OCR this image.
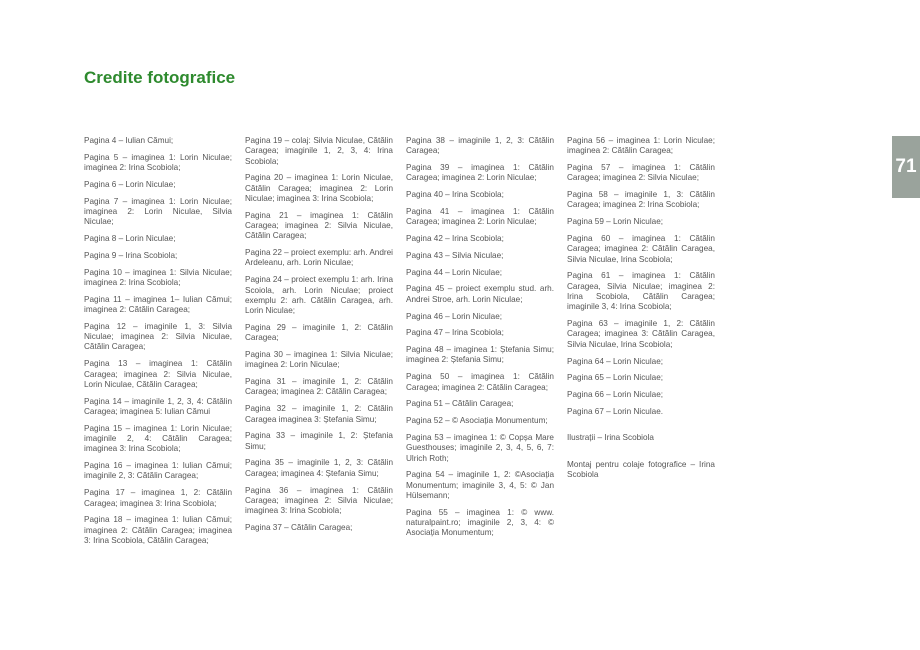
Credite fotografice

Pagina 4 – Iulian Cămui;

Pagina 5 – imaginea 1: Lorin Niculae; imaginea 2: Irina Scobiola;

Pagina 6 – Lorin Niculae;

Pagina 7 – imaginea 1: Lorin Niculae; imaginea 2: Lorin Niculae, Silvia Niculae;

Pagina 8 – Lorin Niculae;

Pagina 9 – Irina Scobiola;

Pagina 10 – imaginea 1: Silvia Niculae; imaginea 2: Irina Scobiola;

Pagina 11 – imaginea 1– Iulian Cămui; imaginea 2: Cătălin Caragea;

Pagina 12 – imaginile 1, 3: Silvia Niculae; imaginea 2: Silvia Niculae, Cătălin Caragea;

Pagina 13 – imaginea 1: Cătălin Caragea; imaginea 2: Silvia Niculae, Lorin Niculae, Cătălin Caragea;

Pagina 14 – imaginile 1, 2, 3, 4: Cătălin Caragea; imaginea 5: Iulian Cămui

Pagina 15 – imaginea 1: Lorin Niculae; imaginile 2, 4: Cătălin Caragea; imaginea 3: Irina Scobiola;

Pagina 16 – imaginea 1: Iulian Cămui; imaginile 2, 3: Cătălin Caragea;

Pagina 17 – imaginea 1, 2: Cătălin Caragea; imaginea 3: Irina Scobiola;

Pagina 18 – imaginea 1: Iulian Cămui; imaginea 2: Cătălin Caragea; imaginea 3: Irina Scobiola, Cătălin Caragea;

Pagina 19 – colaj: Silvia Niculae, Cătălin Caragea; imaginile 1, 2, 3, 4: Irina Scobiola;

Pagina 20 – imaginea 1: Lorin Niculae, Cătălin Caragea; imaginea 2: Lorin Niculae; imaginea 3: Irina Scobiola;

Pagina 21 – imaginea 1: Cătălin Caragea; imaginea 2: Silvia Niculae, Cătălin Caragea;

Pagina 22 – proiect exemplu: arh. Andrei Ardeleanu, arh. Lorin Niculae;

Pagina 24 – proiect exemplu 1: arh. Irina Scoiola, arh. Lorin Niculae; proiect exemplu 2: arh. Cătălin Caragea, arh. Lorin Niculae;

Pagina 29 – imaginile 1, 2: Cătălin Caragea;

Pagina 30 – imaginea 1: Silvia Niculae; imaginea 2: Lorin Niculae;

Pagina 31 – imaginile 1, 2: Cătălin Caragea; imaginea 2: Cătălin Caragea;

Pagina 32 – imaginile 1, 2: Cătălin Caragea imaginea 3: Ștefania Simu;

Pagina 33 – imaginile 1, 2: Ștefania Simu;

Pagina 35 – imaginile 1, 2, 3: Cătălin Caragea; imaginea 4: Ștefania Simu;

Pagina 36 – imaginea 1: Cătălin Caragea; imaginea 2: Silvia Niculae; imaginea 3: Irina Scobiola;

Pagina 37 – Cătălin Caragea;

Pagina 38 – imaginile 1, 2, 3: Cătălin Caragea;

Pagina 39 – imaginea 1: Cătălin Caragea; imaginea 2: Lorin Niculae;

Pagina 40 – Irina Scobiola;

Pagina 41 – imaginea 1: Cătălin Caragea; imaginea 2: Lorin Niculae;

Pagina 42 – Irina Scobiola;

Pagina 43 – Silvia Niculae;

Pagina 44 – Lorin Niculae;

Pagina 45 – proiect exemplu stud. arh. Andrei Stroe, arh. Lorin Niculae;

Pagina 46 – Lorin Niculae;

Pagina 47 – Irina Scobiola;

Pagina 48 – imaginea 1: Ștefania Simu; imaginea 2: Ștefania Simu;

Pagina 50 – imaginea 1: Cătălin Caragea; imaginea 2: Cătălin Caragea;

Pagina 51 – Cătălin Caragea;

Pagina 52 – © Asociația Monumentum;

Pagina 53 – imaginea 1: © Copșa Mare Guesthouses; imaginile 2, 3, 4, 5, 6, 7: Ulrich Roth;

Pagina 54 – imaginile 1, 2: ©Asociația Monumentum; imaginile 3, 4, 5: © Jan Hülsemann;

Pagina 55 – imaginea 1: © www. naturalpaint.ro; imaginile 2, 3, 4: © Asociația Monumentum;

Pagina 56 – imaginea 1: Lorin Niculae; imaginea 2: Cătălin Caragea;

Pagina 57 – imaginea 1: Cătălin Caragea; imaginea 2: Silvia Niculae;

Pagina 58 – imaginile 1, 3: Cătălin Caragea; imaginea 2: Irina Scobiola;

Pagina 59 – Lorin Niculae;

Pagina 60 – imaginea 1: Cătălin Caragea; imaginea 2: Cătălin Caragea, Silvia Niculae, Irina Scobiola;

Pagina 61 – imaginea 1: Cătălin Caragea, Silvia Niculae; imaginea 2: Irina Scobiola, Cătălin Caragea; imaginile 3, 4: Irina Scobiola;

Pagina 63 – imaginile 1, 2: Cătălin Caragea; imaginea 3: Cătălin Caragea, Silvia Niculae, Irina Scobiola;

Pagina 64 – Lorin Niculae;

Pagina 65 – Lorin Niculae;

Pagina 66 – Lorin Niculae;

Pagina 67 – Lorin Niculae.

Ilustrații – Irina Scobiola

Montaj pentru colaje fotografice – Irina Scobiola

71
